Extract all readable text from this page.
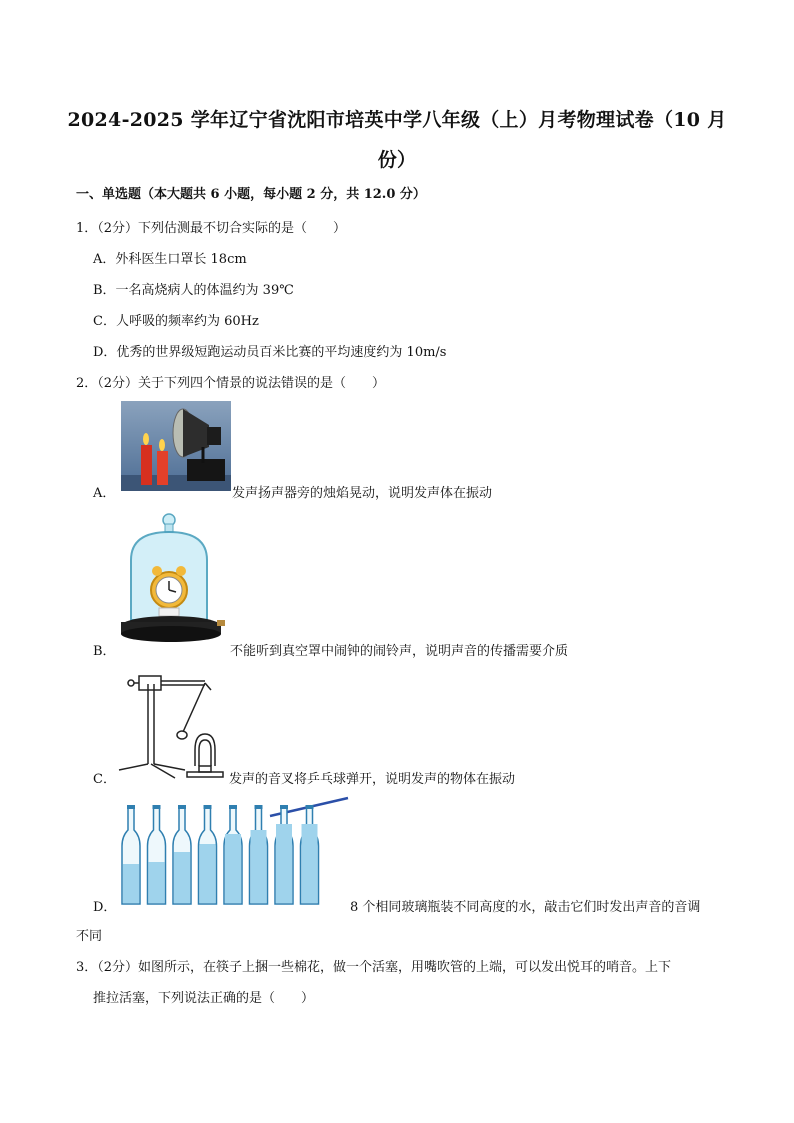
2024-2025 学年辽宁省沈阳市培英中学八年级（上）月考物理试卷（10 月份）
一、单选题（本大题共 6 小题，每小题 2 分，共 12.0 分）
1．（2分）下列估测最不切合实际的是（　　）
A．外科医生口罩长 18cm
B．一名高烧病人的体温约为 39℃
C．人呼吸的频率约为 60Hz
D．优秀的世界级短跑运动员百米比赛的平均速度约为 10m/s
2．（2分）关于下列四个情景的说法错误的是（　　）
A．	发声扬声器旁的烛焰晃动，说明发声体在振动
B．	不能听到真空罩中闹钟的闹铃声，说明声音的传播需要介质
C．	发声的音叉将乒乓球弹开，说明发声的物体在振动
D．	8 个相同玻璃瓶装不同高度的水，敲击它们时发出声音的音调
不同
3．（2分）如图所示，在筷子上捆一些棉花，做一个活塞，用嘴吹管的上端，可以发出悦耳的哨音。上下
推拉活塞，下列说法正确的是（　　）
